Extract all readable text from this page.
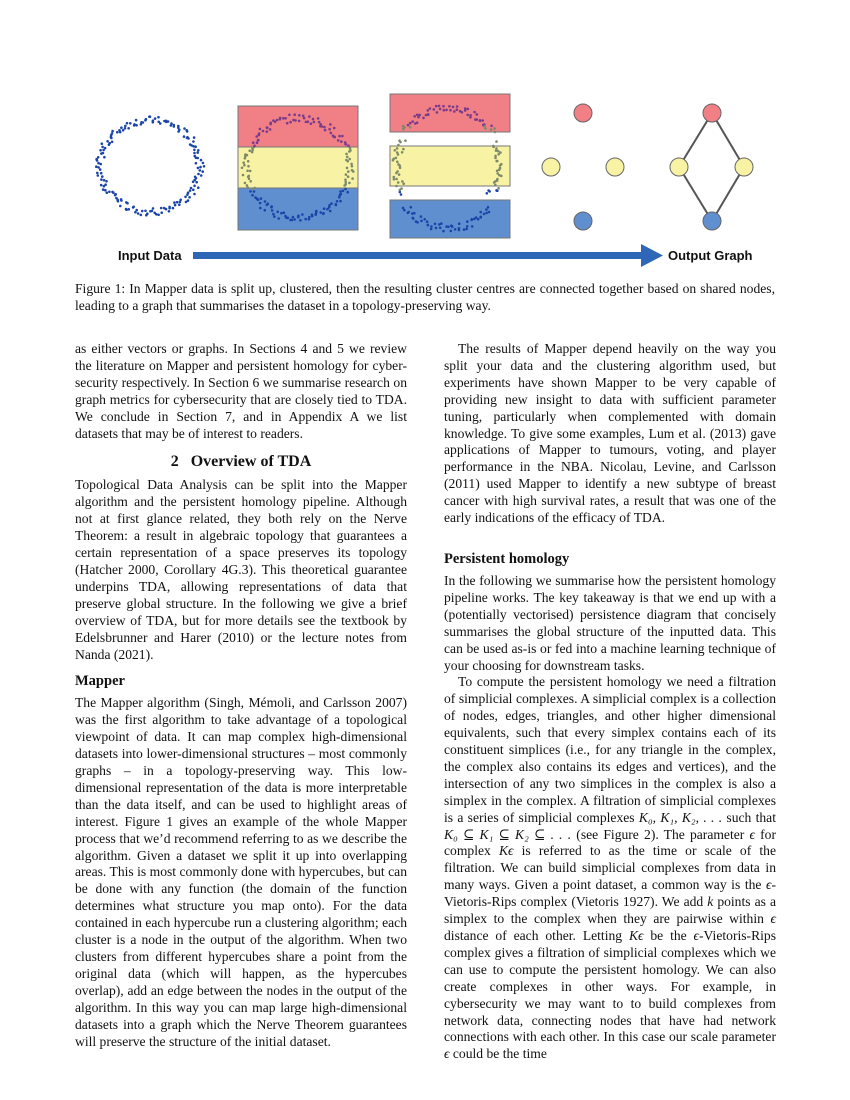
Input Data	Output Graph

Figure 1: In Mapper data is split up, clustered, then the resulting cluster centres are connected together based on shared nodes, leading to a graph that summarises the dataset in a topology-preserving way.

as either vectors or graphs. In Sections 4 and 5 we review the literature on Mapper and persistent homology for cyber-security respectively. In Section 6 we summarise research on graph metrics for cybersecurity that are closely tied to TDA. We conclude in Section 7, and in Appendix A we list datasets that may be of interest to readers.

2 Overview of TDA

Topological Data Analysis can be split into the Mapper algorithm and the persistent homology pipeline. Although not at first glance related, they both rely on the Nerve Theorem: a result in algebraic topology that guarantees a certain representation of a space preserves its topology (Hatcher 2000, Corollary 4G.3). This theoretical guarantee underpins TDA, allowing representations of data that preserve global structure. In the following we give a brief overview of TDA, but for more details see the textbook by Edelsbrunner and Harer (2010) or the lecture notes from Nanda (2021).

Mapper

The Mapper algorithm (Singh, Mémoli, and Carlsson 2007) was the first algorithm to take advantage of a topological viewpoint of data. It can map complex high-dimensional datasets into lower-dimensional structures – most commonly graphs – in a topology-preserving way. This low-dimensional representation of the data is more interpretable than the data itself, and can be used to highlight areas of interest. Figure 1 gives an example of the whole Mapper process that we’d recommend referring to as we describe the algorithm. Given a dataset we split it up into overlapping areas. This is most commonly done with hypercubes, but can be done with any function (the domain of the function determines what structure you map onto). For the data contained in each hypercube run a clustering algorithm; each cluster is a node in the output of the algorithm. When two clusters from different hypercubes share a point from the original data (which will happen, as the hypercubes overlap), add an edge between the nodes in the output of the algorithm. In this way you can map large high-dimensional datasets into a graph which the Nerve Theorem guarantees will preserve the structure of the initial dataset.

The results of Mapper depend heavily on the way you split your data and the clustering algorithm used, but experiments have shown Mapper to be very capable of providing new insight to data with sufficient parameter tuning, particularly when complemented with domain knowledge. To give some examples, Lum et al. (2013) gave applications of Mapper to tumours, voting, and player performance in the NBA. Nicolau, Levine, and Carlsson (2011) used Mapper to identify a new subtype of breast cancer with high survival rates, a result that was one of the early indications of the efficacy of TDA.

Persistent homology

In the following we summarise how the persistent homology pipeline works. The key takeaway is that we end up with a (potentially vectorised) persistence diagram that concisely summarises the global structure of the inputted data. This can be used as-is or fed into a machine learning technique of your choosing for downstream tasks.

To compute the persistent homology we need a filtration of simplicial complexes. A simplicial complex is a collection of nodes, edges, triangles, and other higher dimensional equivalents, such that every simplex contains each of its constituent simplices (i.e., for any triangle in the complex, the complex also contains its edges and vertices), and the intersection of any two simplices in the complex is also a simplex in the complex. A filtration of simplicial complexes is a series of simplicial complexes K₀, K₁, K₂, . . . such that K₀ ⊆ K₁ ⊆ K₂ ⊆ . . . (see Figure 2). The parameter ϵ for complex Kϵ is referred to as the time or scale of the filtration. We can build simplicial complexes from data in many ways. Given a point dataset, a common way is the ϵ-Vietoris-Rips complex (Vietoris 1927). We add k points as a simplex to the complex when they are pairwise within ϵ distance of each other. Letting Kϵ be the ϵ-Vietoris-Rips complex gives a filtration of simplicial complexes which we can use to compute the persistent homology. We can also create complexes in other ways. For example, in cybersecurity we may want to to build complexes from network data, connecting nodes that have had network connections with each other. In this case our scale parameter ϵ could be the time
